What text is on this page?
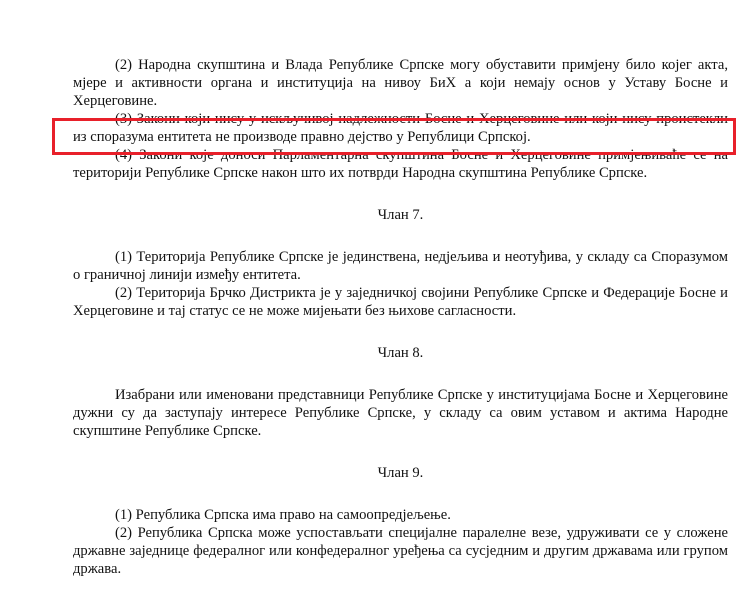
(2) Народна скупштина и Влада Републике Српске могу обуставити примјену било којег акта, мјере и активности органа и институција на нивоу БиХ а који немају основ у Уставу Босне и Херцеговине.

(3) Закони који нису у искључивој надлежности Босне и Херцеговине или који нису проистекли из споразума ентитета не производе правно дејство у Републици Српској.

(4) Закони које доноси Парламентарна скупштина Босне и Херцеговине примјењиваће се на територији Републике Српске након што их потврди Народна скупштина Републике Српске.

Члан 7.

(1) Територија Републике Српске је јединствена, недјељива и неотуђива, у складу са Споразумом о граничној линији између ентитета.

(2) Територија Брчко Дистрикта је у заједничкој својини Републике Српске и Федерације Босне и Херцеговине и тај статус се не може мијењати без њихове сагласности.

Члан 8.

Изабрани или именовани представници Републике Српске у институцијама Босне и Херцеговине дужни су да заступају интересе Републике Српске, у складу са овим уставом и актима Народне скупштине Републике Српске.

Члан 9.

(1) Република Српска има право на самоопредјељење.

(2) Република Српска може успостављати специјалне паралелне везе, удруживати се у сложене државне заједнице федералног или конфедералног уређења са сусједним и другим државама или групом држава.
